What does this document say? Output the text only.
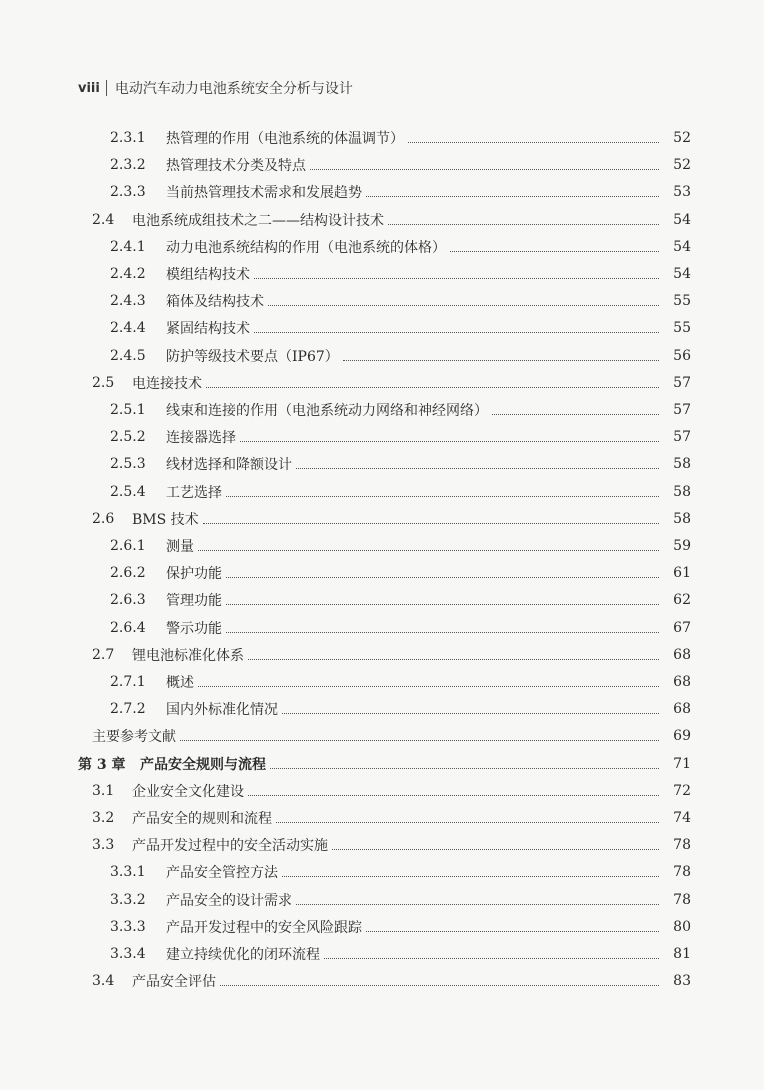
viii 电动汽车动力电池系统安全分析与设计
2.3.1	热管理的作用（电池系统的体温调节）	52
2.3.2	热管理技术分类及特点	52
2.3.3	当前热管理技术需求和发展趋势	53
2.4	电池系统成组技术之二——结构设计技术	54
2.4.1	动力电池系统结构的作用（电池系统的体格）	54
2.4.2	模组结构技术	54
2.4.3	箱体及结构技术	55
2.4.4	紧固结构技术	55
2.4.5	防护等级技术要点（IP67）	56
2.5	电连接技术	57
2.5.1	线束和连接的作用（电池系统动力网络和神经网络）	57
2.5.2	连接器选择	57
2.5.3	线材选择和降额设计	58
2.5.4	工艺选择	58
2.6	BMS 技术	58
2.6.1	测量	59
2.6.2	保护功能	61
2.6.3	管理功能	62
2.6.4	警示功能	67
2.7	锂电池标准化体系	68
2.7.1	概述	68
2.7.2	国内外标准化情况	68
主要参考文献	69
第 3 章	产品安全规则与流程	71
3.1	企业安全文化建设	72
3.2	产品安全的规则和流程	74
3.3	产品开发过程中的安全活动实施	78
3.3.1	产品安全管控方法	78
3.3.2	产品安全的设计需求	78
3.3.3	产品开发过程中的安全风险跟踪	80
3.3.4	建立持续优化的闭环流程	81
3.4	产品安全评估	83
